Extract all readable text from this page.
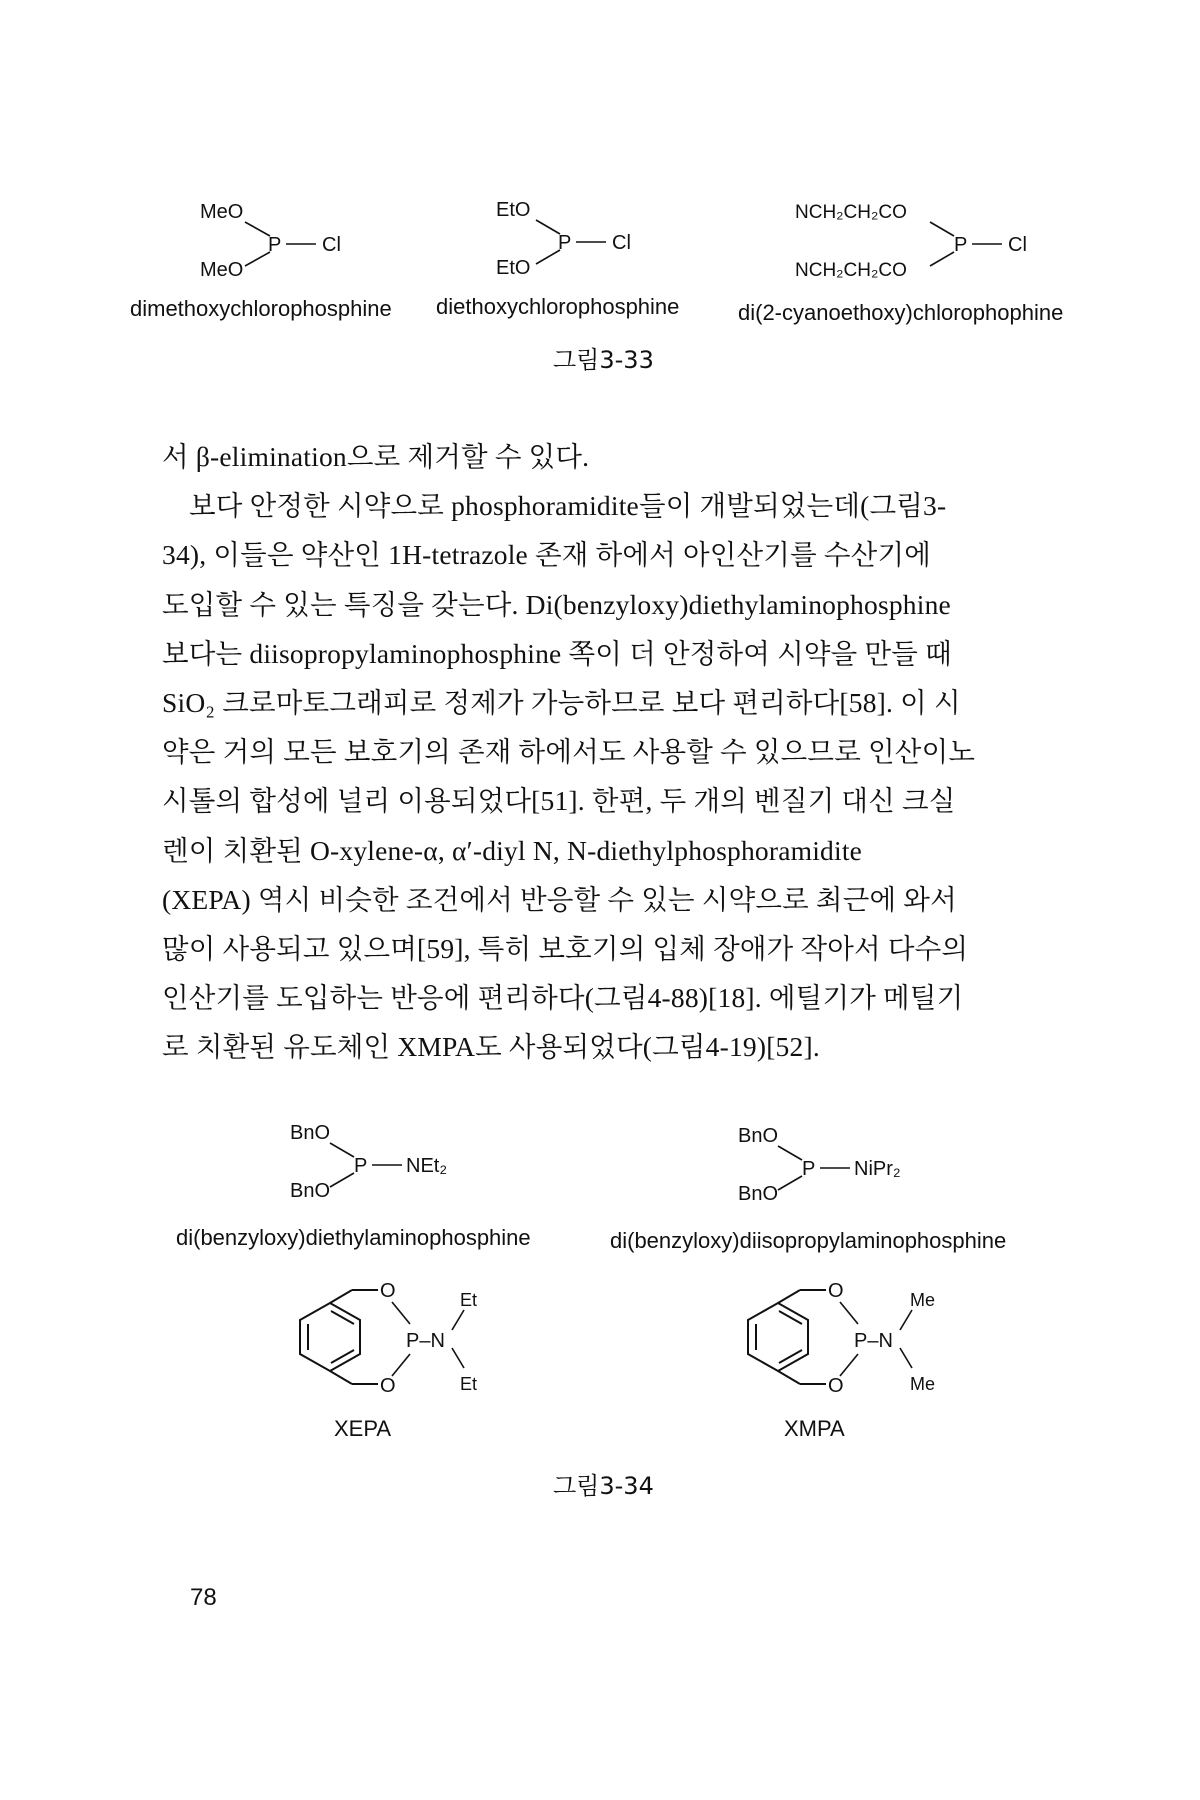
MeO
MeO
P Cl
dimethoxychlorophosphine
EtO
EtO
P Cl
diethoxychlorophosphine
NCH₂CH₂CO
NCH₂CH₂CO
P Cl
di(2-cyanoethoxy)chlorophophine
그림3-33
서 β-elimination으로 제거할 수 있다.
보다 안정한 시약으로 phosphoramidite들이 개발되었는데(그림3-
34), 이들은 약산인 1H-tetrazole 존재 하에서 아인산기를 수산기에
도입할 수 있는 특징을 갖는다. Di(benzyloxy)diethylaminophosphine
보다는 diisopropylaminophosphine 쪽이 더 안정하여 시약을 만들 때
SiO₂ 크로마토그래피로 정제가 가능하므로 보다 편리하다[58]. 이 시
약은 거의 모든 보호기의 존재 하에서도 사용할 수 있으므로 인산이노
시톨의 합성에 널리 이용되었다[51]. 한편, 두 개의 벤질기 대신 크실
렌이 치환된 O-xylene-α, α′-diyl N, N-diethylphosphoramidite
(XEPA) 역시 비슷한 조건에서 반응할 수 있는 시약으로 최근에 와서
많이 사용되고 있으며[59], 특히 보호기의 입체 장애가 작아서 다수의
인산기를 도입하는 반응에 편리하다(그림4-88)[18]. 에틸기가 메틸기
로 치환된 유도체인 XMPA도 사용되었다(그림4-19)[52].
BnO
BnO
P NEt₂
di(benzyloxy)diethylaminophosphine
BnO
BnO
P NiPr₂
di(benzyloxy)diisopropylaminophosphine
O
O
P–N
Et
Et
XEPA
O
O
P–N
Me
Me
XMPA
그림3-34
78
